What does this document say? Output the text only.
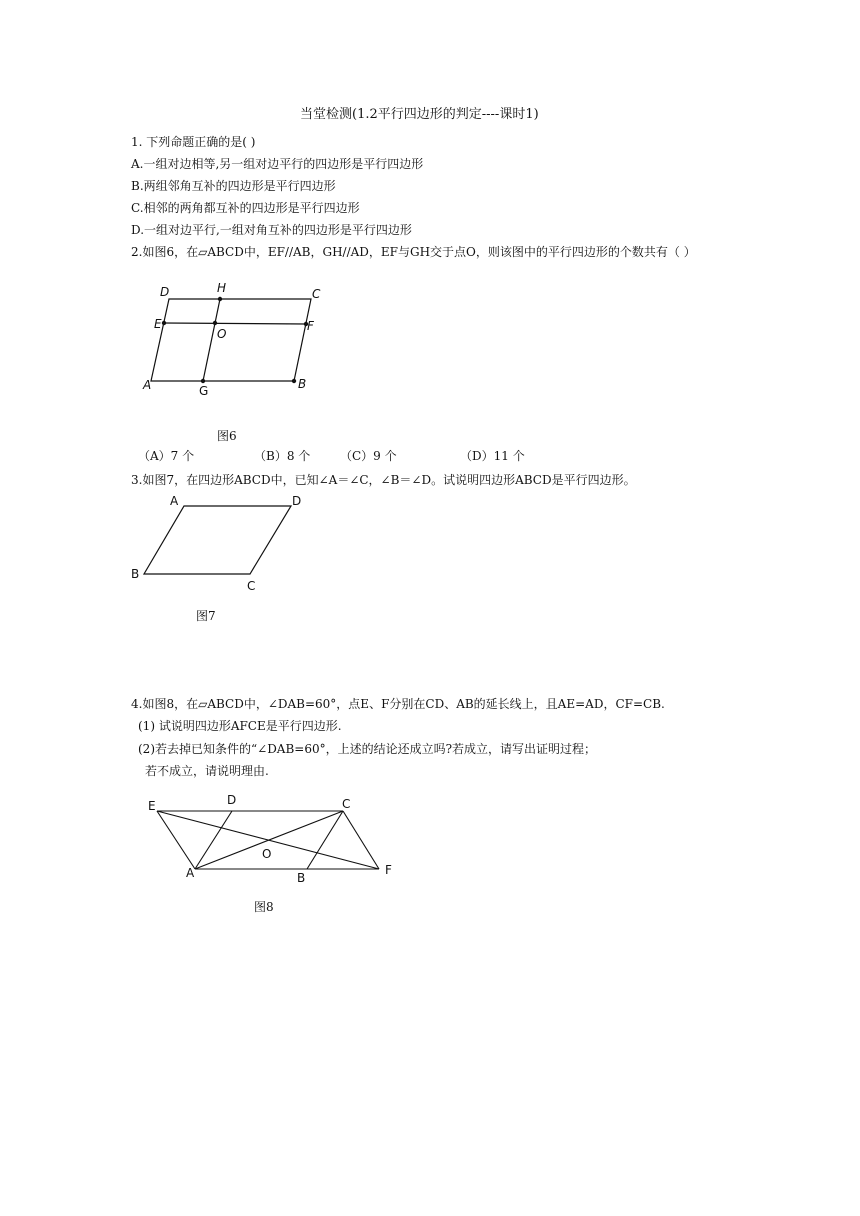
当堂检测(1.2平行四边形的判定----课时1)
1. 下列命题正确的是( )
A.一组对边相等,另一组对边平行的四边形是平行四边形
B.两组邻角互补的四边形是平行四边形
C.相邻的两角都互补的四边形是平行四边形
D.一组对边平行,一组对角互补的四边形是平行四边形
2.如图6，在▱ABCD中，EF//AB，GH//AD，EF与GH交于点O，则该图中的平行四边形的个数共有（ ）
D	H	C
E
O
F
A	G	B
图6
（A）7 个	（B）8 个 （C）9 个	（D）11 个
3.如图7，在四边形ABCD中，已知∠A＝∠C，∠B＝∠D。试说明四边形ABCD是平行四边形。
A	D
B
C
图7
4.如图8，在▱ABCD中，∠DAB=60°，点E、F分别在CD、AB的延长线上，且AE=AD，CF=CB.
(1) 试说明四边形AFCE是平行四边形.
(2)若去掉已知条件的“∠DAB=60°，上述的结论还成立吗?若成立，请写出证明过程；
若不成立，请说明理由.
E	D	C
O
A	B
F
图8
